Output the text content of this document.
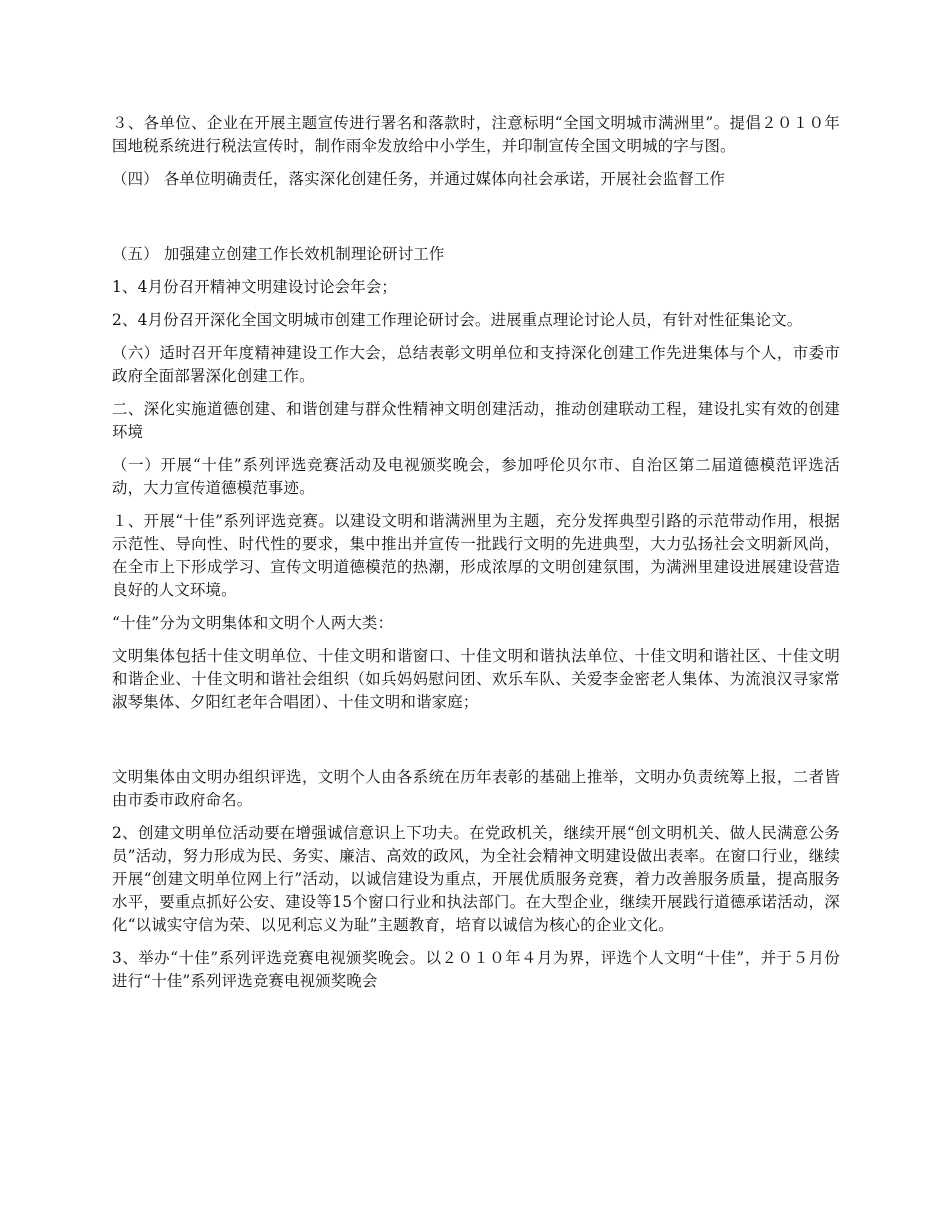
３、各单位、企业在开展主题宣传进行署名和落款时，注意标明“全国文明城市满洲里”。提倡２０１０年国地税系统进行税法宣传时，制作雨伞发放给中小学生，并印制宣传全国文明城的字与图。

（四） 各单位明确责任，落实深化创建任务，并通过媒体向社会承诺，开展社会监督工作

（五） 加强建立创建工作长效机制理论研讨工作

1、4月份召开精神文明建设讨论会年会；

2、4月份召开深化全国文明城市创建工作理论研讨会。进展重点理论讨论人员，有针对性征集论文。

（六）适时召开年度精神建设工作大会，总结表彰文明单位和支持深化创建工作先进集体与个人，市委市政府全面部署深化创建工作。

二、深化实施道德创建、和谐创建与群众性精神文明创建活动，推动创建联动工程，建设扎实有效的创建环境

（一）开展“十佳”系列评选竞赛活动及电视颁奖晚会，参加呼伦贝尔市、自治区第二届道德模范评选活动，大力宣传道德模范事迹。

１、开展“十佳”系列评选竞赛。以建设文明和谐满洲里为主题，充分发挥典型引路的示范带动作用，根据示范性、导向性、时代性的要求，集中推出并宣传一批践行文明的先进典型，大力弘扬社会文明新风尚，在全市上下形成学习、宣传文明道德模范的热潮，形成浓厚的文明创建氛围，为满洲里建设进展建设营造良好的人文环境。

“十佳”分为文明集体和文明个人两大类：

文明集体包括十佳文明单位、十佳文明和谐窗口、十佳文明和谐执法单位、十佳文明和谐社区、十佳文明和谐企业、十佳文明和谐社会组织（如兵妈妈慰问团、欢乐车队、关爱李金密老人集体、为流浪汉寻家常淑琴集体、夕阳红老年合唱团）、十佳文明和谐家庭；

文明集体由文明办组织评选，文明个人由各系统在历年表彰的基础上推举，文明办负责统筹上报，二者皆由市委市政府命名。

2、创建文明单位活动要在增强诚信意识上下功夫。在党政机关，继续开展“创文明机关、做人民满意公务员”活动，努力形成为民、务实、廉洁、高效的政风，为全社会精神文明建设做出表率。在窗口行业，继续开展“创建文明单位网上行”活动，以诚信建设为重点，开展优质服务竞赛，着力改善服务质量，提高服务水平，要重点抓好公安、建设等15个窗口行业和执法部门。在大型企业，继续开展践行道德承诺活动，深化“以诚实守信为荣、以见利忘义为耻”主题教育，培育以诚信为核心的企业文化。

3、举办“十佳”系列评选竞赛电视颁奖晚会。以２０１０年４月为界，评选个人文明“十佳”，并于５月份进行“十佳”系列评选竞赛电视颁奖晚会
